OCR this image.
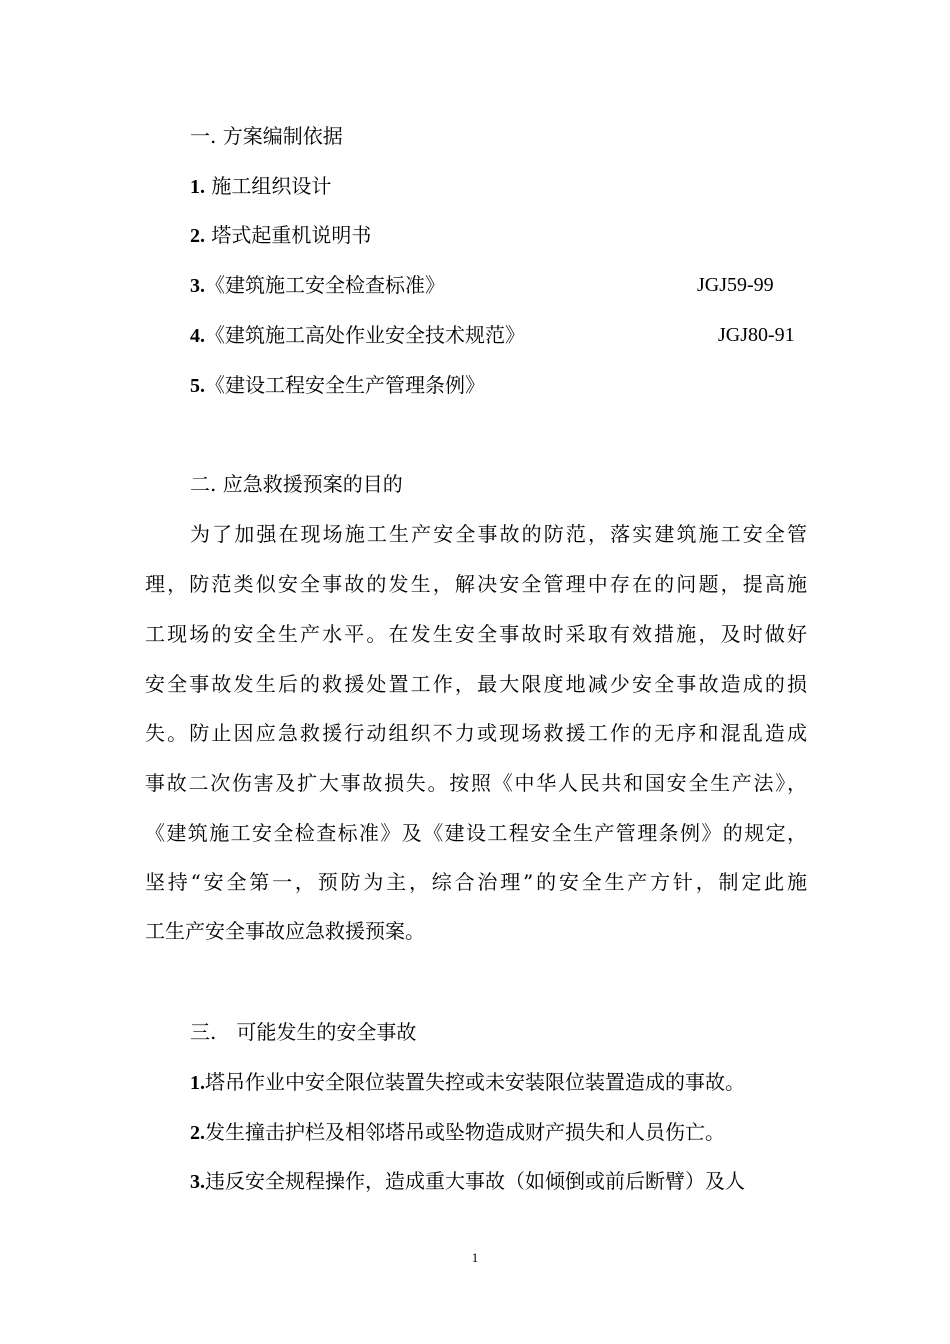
一. 方案编制依据
1. 施工组织设计
2. 塔式起重机说明书
3.《建筑施工安全检查标准》	JGJ59-99
4.《建筑施工高处作业安全技术规范》	JGJ80-91
5.《建设工程安全生产管理条例》
二. 应急救援预案的目的
为了加强在现场施工生产安全事故的防范，落实建筑施工安全管
理，防范类似安全事故的发生，解决安全管理中存在的问题，提高施
工现场的安全生产水平。在发生安全事故时采取有效措施，及时做好
安全事故发生后的救援处置工作，最大限度地减少安全事故造成的损
失。防止因应急救援行动组织不力或现场救援工作的无序和混乱造成
事故二次伤害及扩大事故损失。按照《中华人民共和国安全生产法》，
《建筑施工安全检查标准》及《建设工程安全生产管理条例》的规定，
坚持“安全第一，预防为主，综合治理”的安全生产方针，制定此施
工生产安全事故应急救援预案。
三.　可能发生的安全事故
1.塔吊作业中安全限位装置失控或未安装限位装置造成的事故。
2.发生撞击护栏及相邻塔吊或坠物造成财产损失和人员伤亡。
3.违反安全规程操作，造成重大事故（如倾倒或前后断臂）及人
1
